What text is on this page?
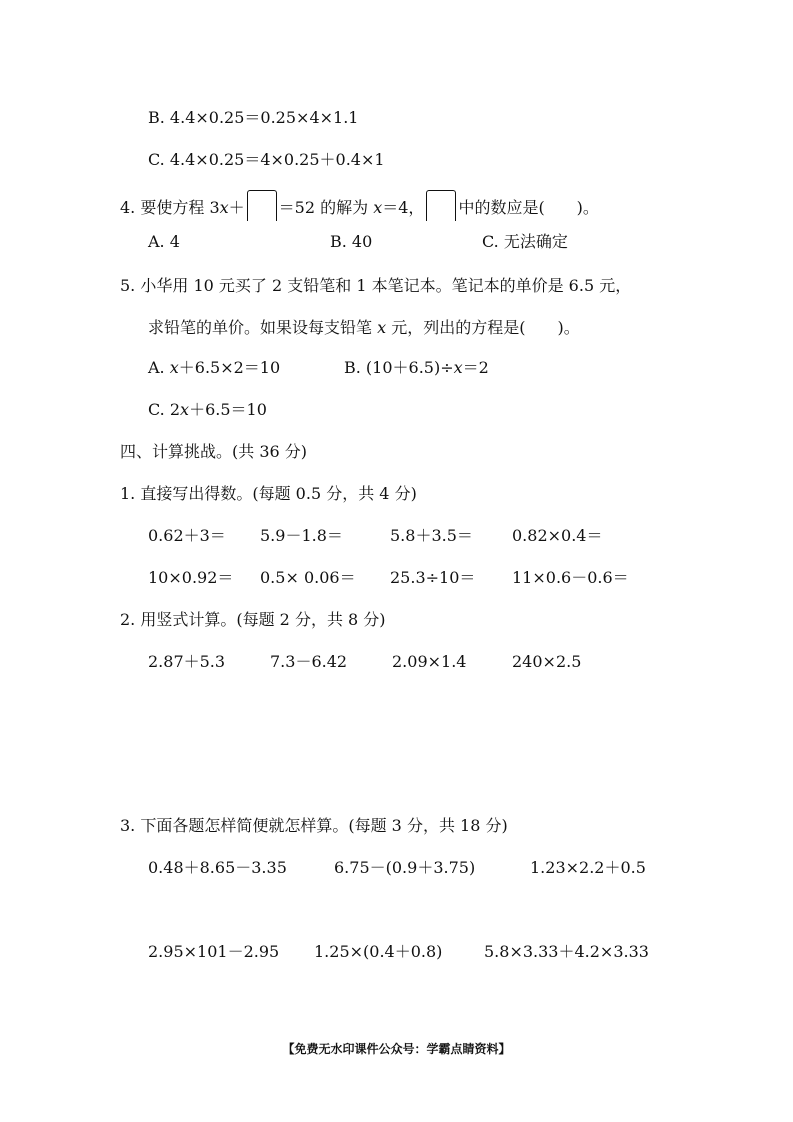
B. 4.4×0.25＝0.25×4×1.1
C. 4.4×0.25＝4×0.25＋0.4×1
4. 要使方程 3x＋ ＝52 的解为 x＝4， 中的数应是(　　)。
A. 4	B. 40	C. 无法确定
5. 小华用 10 元买了 2 支铅笔和 1 本笔记本。笔记本的单价是 6.5 元，
求铅笔的单价。如果设每支铅笔 x 元，列出的方程是(　　)。
A. x＋6.5×2＝10	B. (10＋6.5)÷x＝2
C. 2x＋6.5＝10
四、计算挑战。(共 36 分)
1. 直接写出得数。(每题 0.5 分，共 4 分)
0.62＋3＝ 5.9－1.8＝	5.8＋3.5＝ 0.82×0.4＝
10×0.92＝ 0.5× 0.06＝ 25.3÷10＝ 11×0.6－0.6＝
2. 用竖式计算。(每题 2 分，共 8 分)
2.87＋5.3	7.3－6.42	2.09×1.4	240×2.5
3. 下面各题怎样简便就怎样算。(每题 3 分，共 18 分)
0.48＋8.65－3.35	6.75－(0.9＋3.75)	1.23×2.2＋0.5
2.95×101－2.95 1.25×(0.4＋0.8)	5.8×3.33＋4.2×3.33
【免费无水印课件公众号：学霸点睛资料】
